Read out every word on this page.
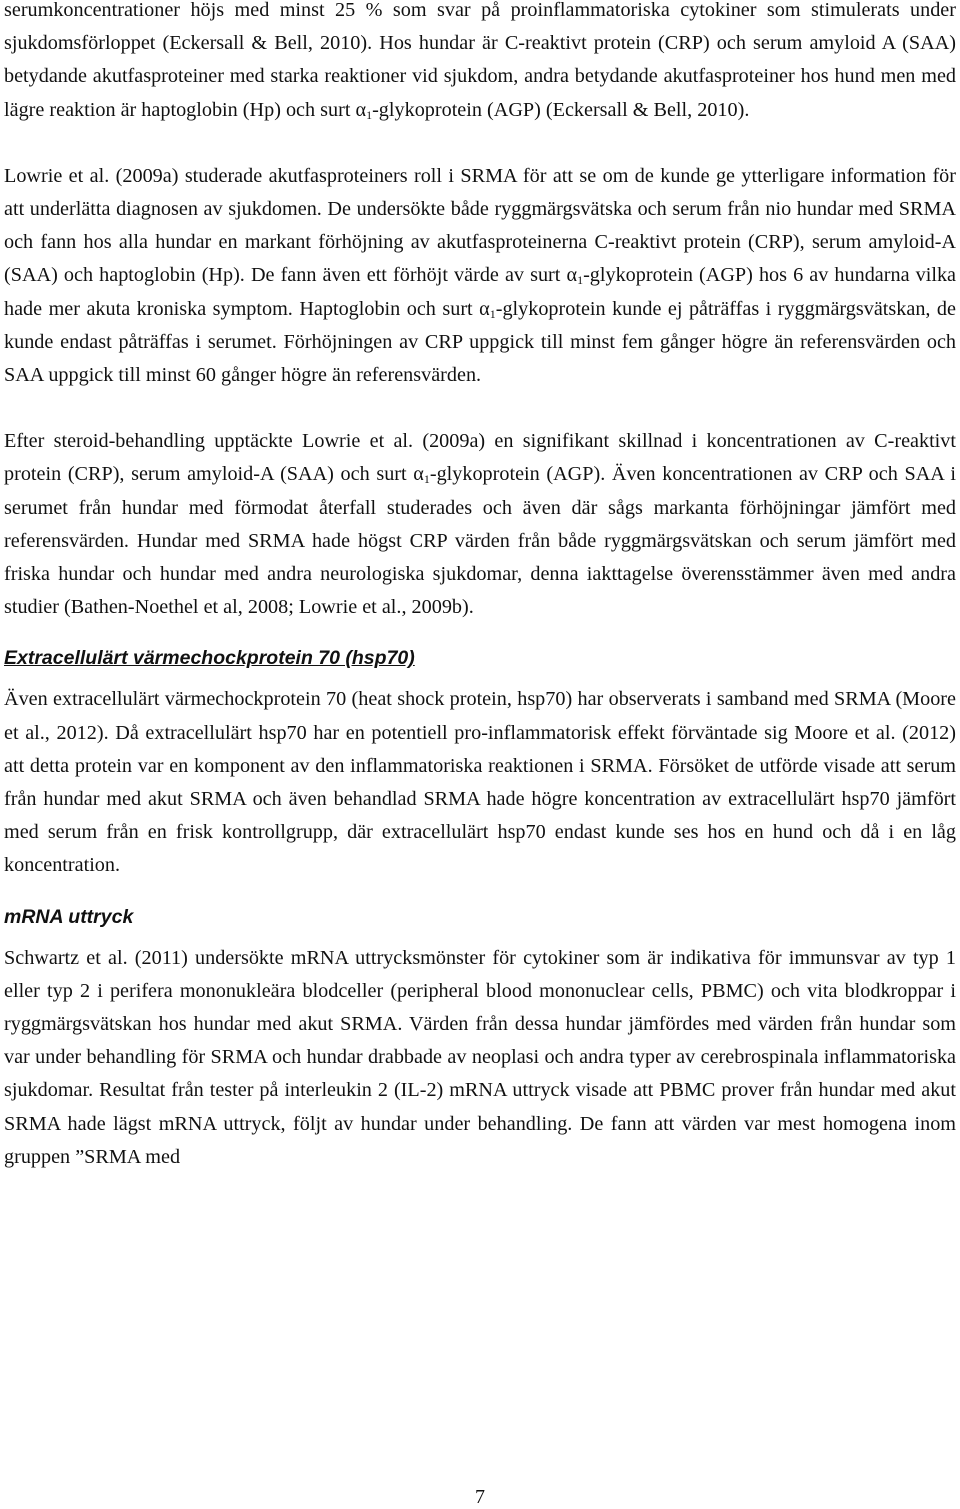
serumkoncentrationer höjs med minst 25 % som svar på proinflammatoriska cytokiner som stimulerats under sjukdomsförloppet (Eckersall & Bell, 2010). Hos hundar är C-reaktivt protein (CRP) och serum amyloid A (SAA) betydande akutfasproteiner med starka reaktioner vid sjukdom, andra betydande akutfasproteiner hos hund men med lägre reaktion är haptoglobin (Hp) och surt $\alpha_1$-glykoprotein (AGP) (Eckersall & Bell, 2010).

Lowrie et al. (2009a) studerade akutfasproteiners roll i SRMA för att se om de kunde ge ytterligare information för att underlätta diagnosen av sjukdomen. De undersökte både ryggmärgsvätska och serum från nio hundar med SRMA och fann hos alla hundar en markant förhöjning av akutfasproteinerna C-reaktivt protein (CRP), serum amyloid-A (SAA) och haptoglobin (Hp). De fann även ett förhöjt värde av surt $\alpha_1$-glykoprotein (AGP) hos 6 av hundarna vilka hade mer akuta kroniska symptom. Haptoglobin och surt $\alpha_1$-glykoprotein kunde ej påträffas i ryggmärgsvätskan, de kunde endast påträffas i serumet. Förhöjningen av CRP uppgick till minst fem gånger högre än referensvärden och SAA uppgick till minst 60 gånger högre än referensvärden.

Efter steroid-behandling upptäckte Lowrie et al. (2009a) en signifikant skillnad i koncentrationen av C-reaktivt protein (CRP), serum amyloid-A (SAA) och surt $\alpha_1$-glykoprotein (AGP). Även koncentrationen av CRP och SAA i serumet från hundar med förmodat återfall studerades och även där sågs markanta förhöjningar jämfört med referensvärden. Hundar med SRMA hade högst CRP värden från både ryggmärgsvätskan och serum jämfört med friska hundar och hundar med andra neurologiska sjukdomar, denna iakttagelse överensstämmer även med andra studier (Bathen-Noethel et al, 2008; Lowrie et al., 2009b).

Extracellulärt värmechockprotein 70 (hsp70)

Även extracellulärt värmechockprotein 70 (heat shock protein, hsp70) har observerats i samband med SRMA (Moore et al., 2012). Då extracellulärt hsp70 har en potentiell pro-inflammatorisk effekt förväntade sig Moore et al. (2012) att detta protein var en komponent av den inflammatoriska reaktionen i SRMA. Försöket de utförde visade att serum från hundar med akut SRMA och även behandlad SRMA hade högre koncentration av extracellulärt hsp70 jämfört med serum från en frisk kontrollgrupp, där extracellulärt hsp70 endast kunde ses hos en hund och då i en låg koncentration.

mRNA uttryck

Schwartz et al. (2011) undersökte mRNA uttrycksmönster för cytokiner som är indikativa för immunsvar av typ 1 eller typ 2 i perifera mononukleära blodceller (peripheral blood mononuclear cells, PBMC) och vita blodkroppar i ryggmärgsvätskan hos hundar med akut SRMA. Värden från dessa hundar jämfördes med värden från hundar som var under behandling för SRMA och hundar drabbade av neoplasi och andra typer av cerebrospinala inflammatoriska sjukdomar. Resultat från tester på interleukin 2 (IL-2) mRNA uttryck visade att PBMC prover från hundar med akut SRMA hade lägst mRNA uttryck, följt av hundar under behandling. De fann att värden var mest homogena inom gruppen ”SRMA med

7
